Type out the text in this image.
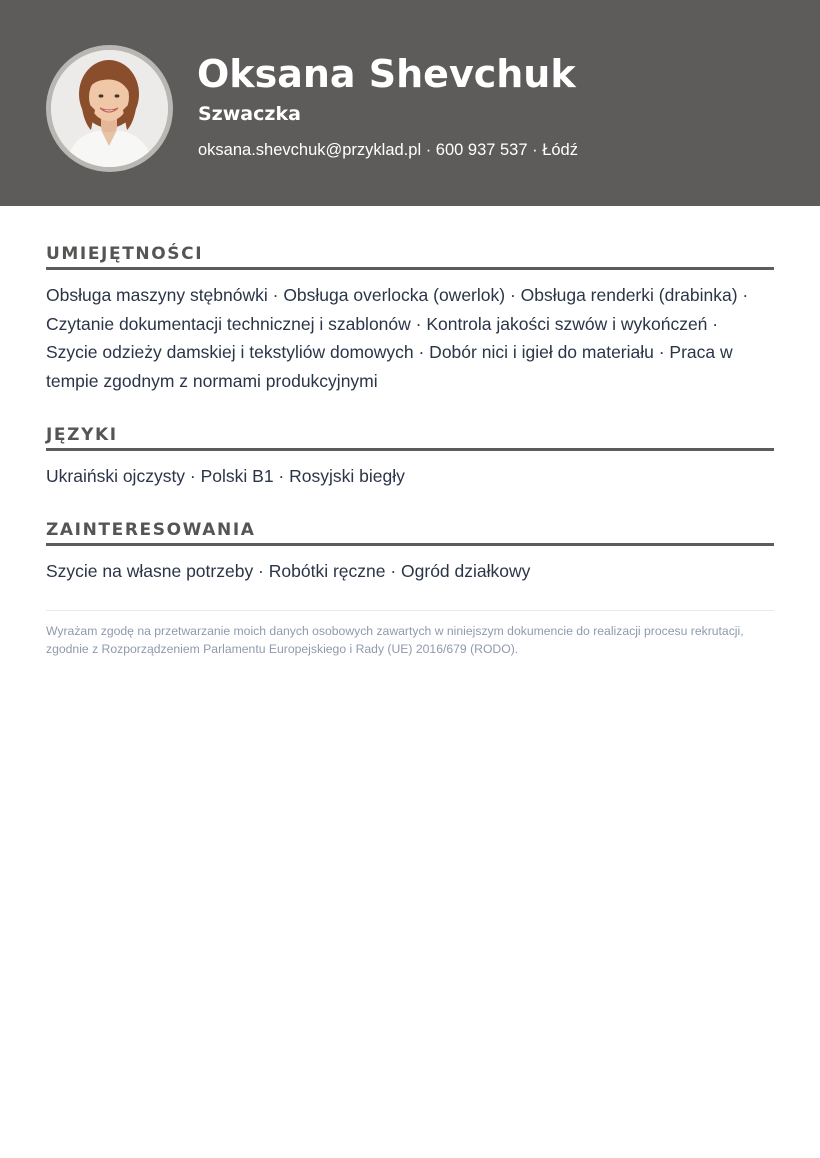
Oksana Shevchuk
Szwaczka
oksana.shevchuk@przyklad.pl · 600 937 537 · Łódź
UMIEJĘTNOŚCI
Obsługa maszyny stębnówki · Obsługa overlocka (owerlok) · Obsługa renderki (drabinka) · Czytanie dokumentacji technicznej i szablonów · Kontrola jakości szwów i wykończeń · Szycie odzieży damskiej i tekstyliów domowych · Dobór nici i igieł do materiału · Praca w tempie zgodnym z normami produkcyjnymi
JĘZYKI
Ukraiński ojczysty · Polski B1 · Rosyjski biegły
ZAINTERESOWANIA
Szycie na własne potrzeby · Robótki ręczne · Ogród działkowy
Wyrażam zgodę na przetwarzanie moich danych osobowych zawartych w niniejszym dokumencie do realizacji procesu rekrutacji, zgodnie z Rozporządzeniem Parlamentu Europejskiego i Rady (UE) 2016/679 (RODO).
